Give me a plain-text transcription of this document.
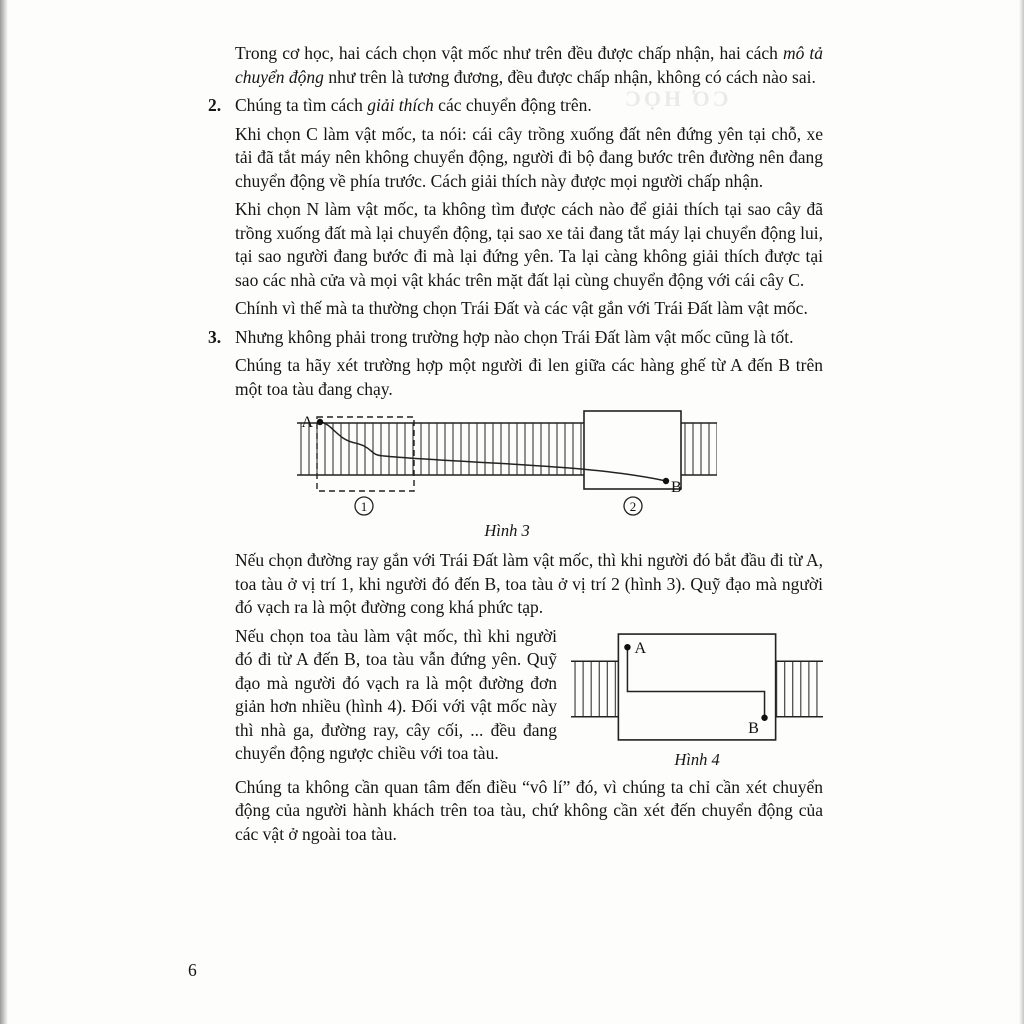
CƠ HỌC

Trong cơ học, hai cách chọn vật mốc như trên đều được chấp nhận, hai cách mô tả chuyển động như trên là tương đương, đều được chấp nhận, không có cách nào sai.

2. Chúng ta tìm cách giải thích các chuyển động trên.

Khi chọn C làm vật mốc, ta nói: cái cây trồng xuống đất nên đứng yên tại chỗ, xe tải đã tắt máy nên không chuyển động, người đi bộ đang bước trên đường nên đang chuyển động về phía trước. Cách giải thích này được mọi người chấp nhận.

Khi chọn N làm vật mốc, ta không tìm được cách nào để giải thích tại sao cây đã trồng xuống đất mà lại chuyển động, tại sao xe tải đang tắt máy lại chuyển động lui, tại sao người đang bước đi mà lại đứng yên. Ta lại càng không giải thích được tại sao các nhà cửa và mọi vật khác trên mặt đất lại cùng chuyển động với cái cây C.

Chính vì thế mà ta thường chọn Trái Đất và các vật gắn với Trái Đất làm vật mốc.

3. Nhưng không phải trong trường hợp nào chọn Trái Đất làm vật mốc cũng là tốt.

Chúng ta hãy xét trường hợp một người đi len giữa các hàng ghế từ A đến B trên một toa tàu đang chạy.

A
B
1	2
Hình 3

Nếu chọn đường ray gắn với Trái Đất làm vật mốc, thì khi người đó bắt đầu đi từ A, toa tàu ở vị trí 1, khi người đó đến B, toa tàu ở vị trí 2 (hình 3). Quỹ đạo mà người đó vạch ra là một đường cong khá phức tạp.

Nếu chọn toa tàu làm vật mốc, thì khi người đó đi từ A đến B, toa tàu vẫn đứng yên. Quỹ đạo mà người đó vạch ra là một đường đơn giản hơn nhiều (hình 4). Đối với vật mốc này thì nhà ga, đường ray, cây cối, ... đều đang chuyển động ngược chiều với toa tàu.

A
B
Hình 4

Chúng ta không cần quan tâm đến điều “vô lí” đó, vì chúng ta chỉ cần xét chuyển động của người hành khách trên toa tàu, chứ không cần xét đến chuyển động của các vật ở ngoài toa tàu.

6
